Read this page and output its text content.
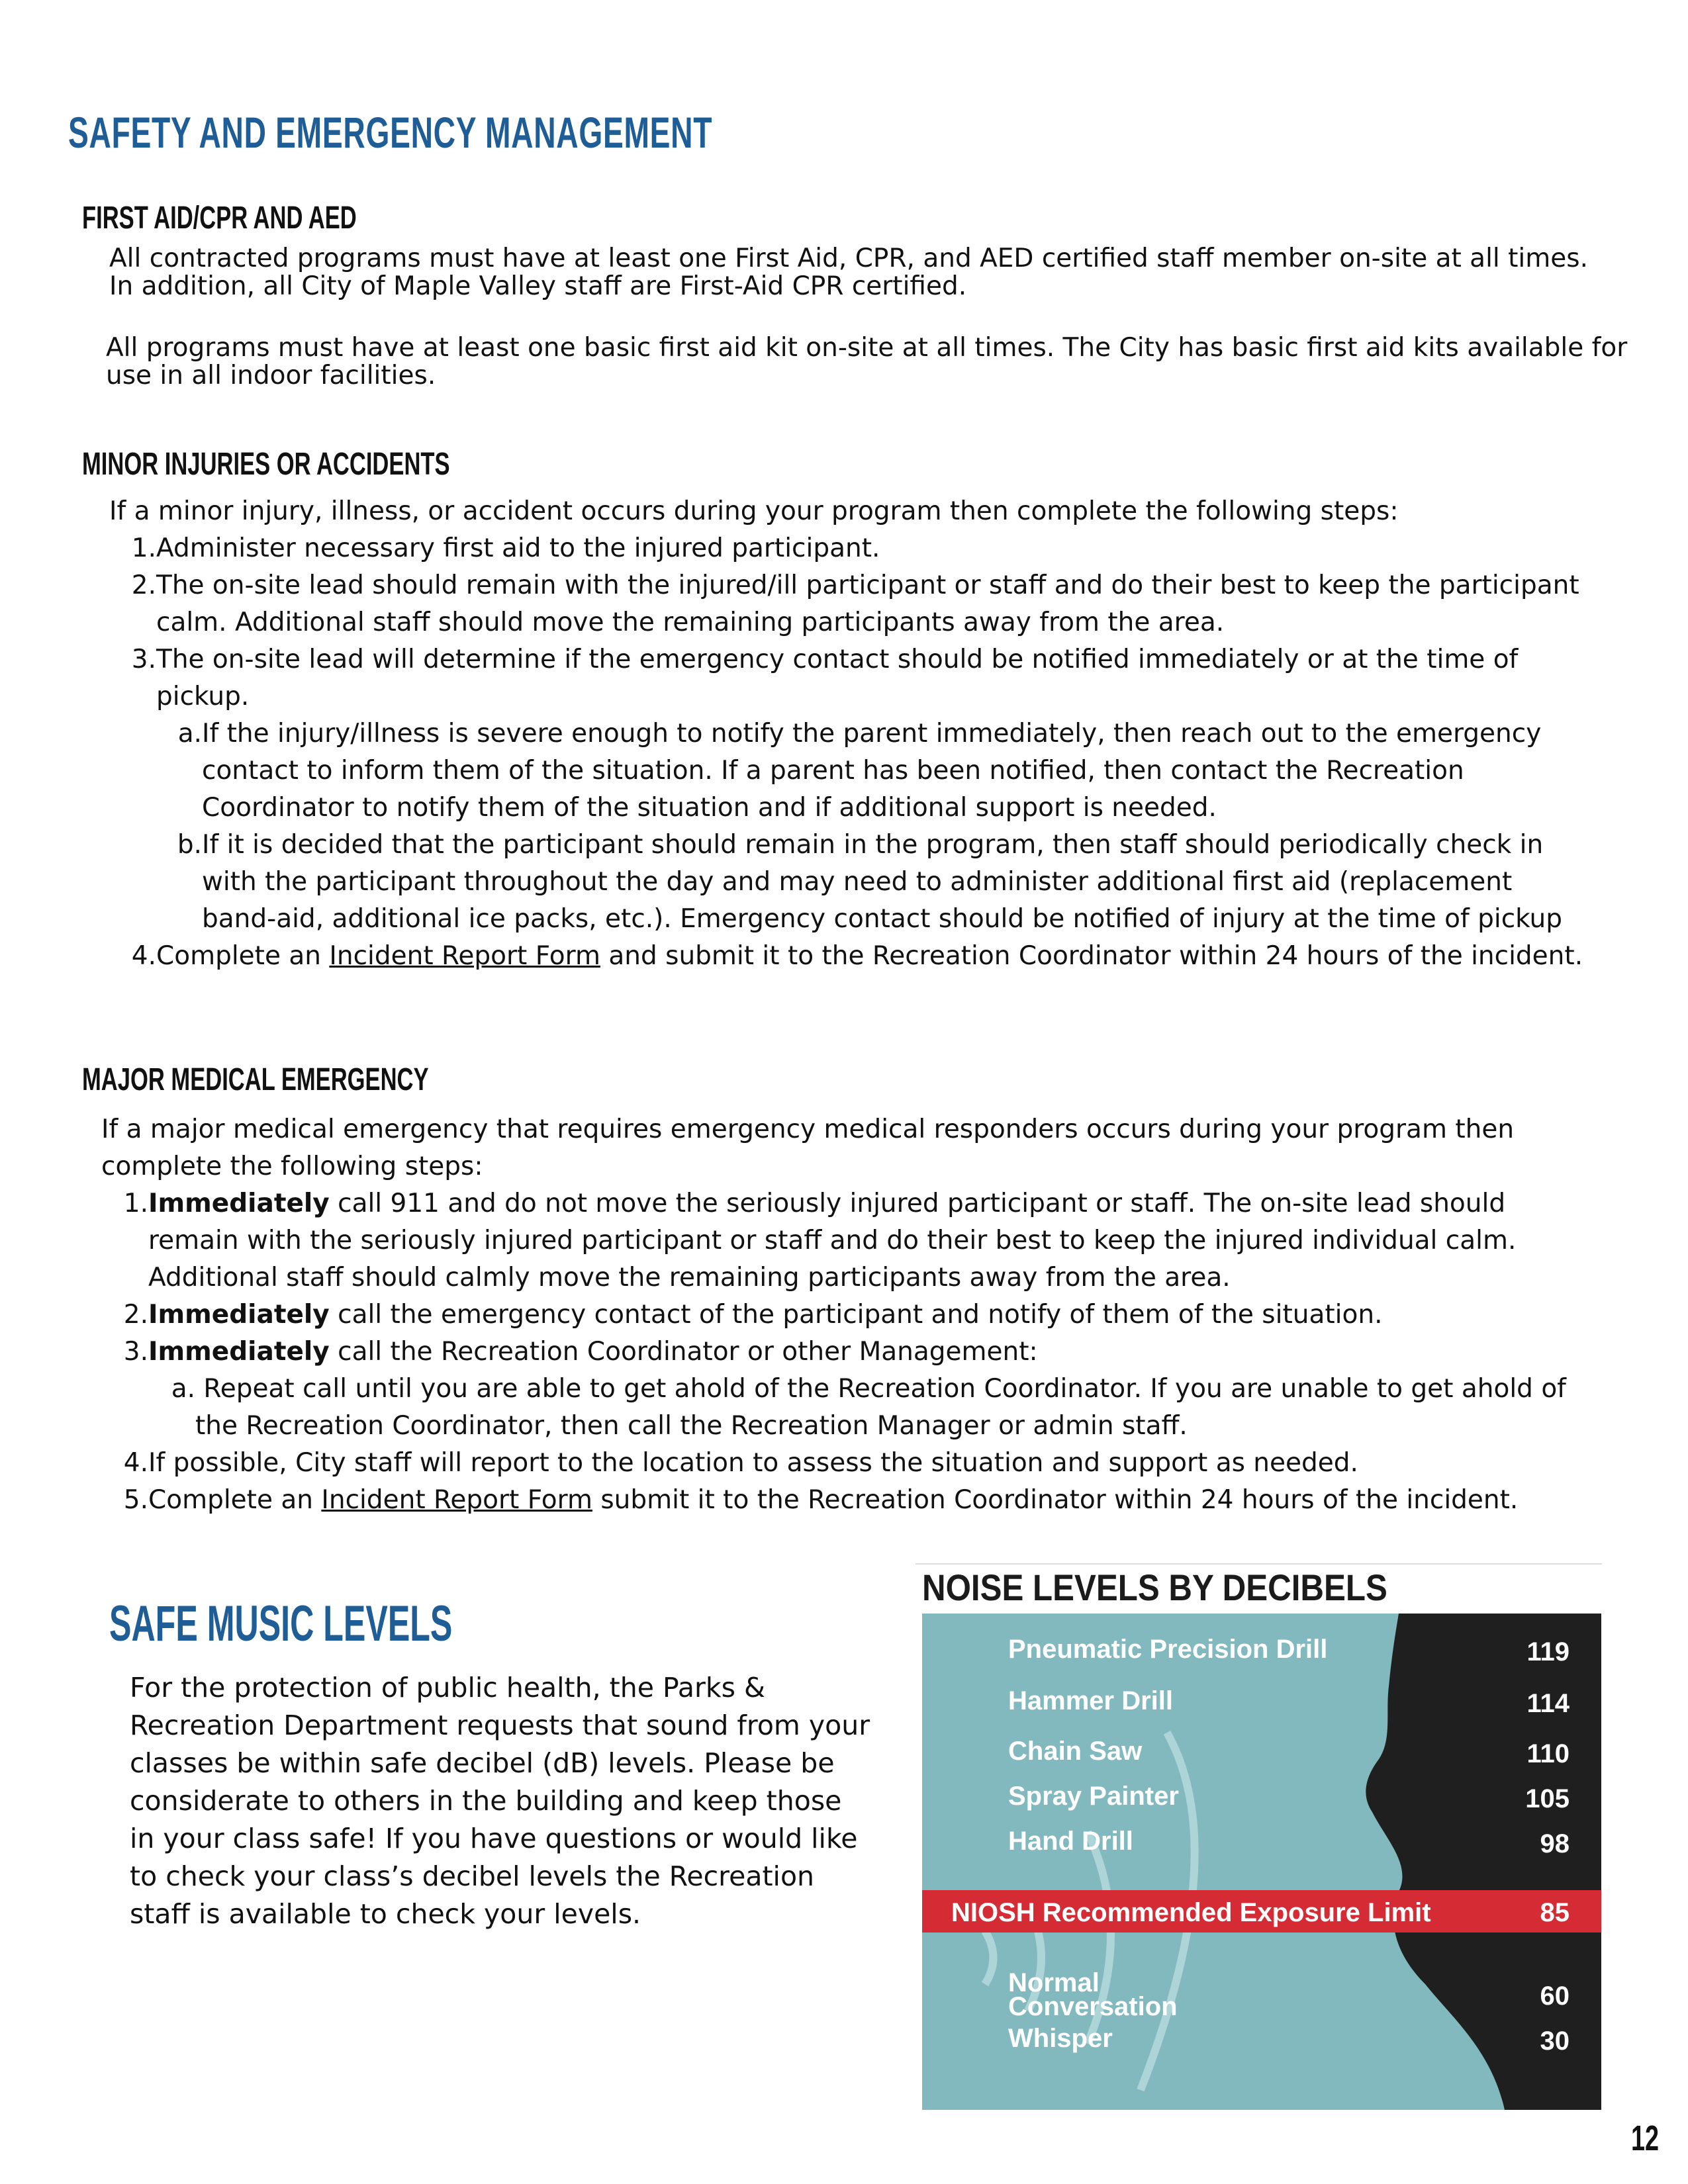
SAFETY AND EMERGENCY MANAGEMENT
FIRST AID/CPR AND AED

All contracted programs must have at least one First Aid, CPR, and AED certified staff member on-site at all times. In addition, all City of Maple Valley staff are First-Aid CPR certified.

All programs must have at least one basic first aid kit on-site at all times. The City has basic first aid kits available for use in all indoor facilities.

MINOR INJURIES OR ACCIDENTS
If a minor injury, illness, or accident occurs during your program then complete the following steps:
1.Administer necessary first aid to the injured participant.
2.The on-site lead should remain with the injured/ill participant or staff and do their best to keep the participant
calm. Additional staff should move the remaining participants away from the area.
3.The on-site lead will determine if the emergency contact should be notified immediately or at the time of
pickup.
a.If the injury/illness is severe enough to notify the parent immediately, then reach out to the emergency
contact to inform them of the situation. If a parent has been notified, then contact the Recreation
Coordinator to notify them of the situation and if additional support is needed.
b.If it is decided that the participant should remain in the program, then staff should periodically check in
with the participant throughout the day and may need to administer additional first aid (replacement
band-aid, additional ice packs, etc.). Emergency contact should be notified of injury at the time of pickup
4.Complete an Incident Report Form and submit it to the Recreation Coordinator within 24 hours of the incident.
MAJOR MEDICAL EMERGENCY
If a major medical emergency that requires emergency medical responders occurs during your program then
complete the following steps:
1.Immediately call 911 and do not move the seriously injured participant or staff. The on-site lead should
remain with the seriously injured participant or staff and do their best to keep the injured individual calm.
Additional staff should calmly move the remaining participants away from the area.
2.Immediately call the emergency contact of the participant and notify of them of the situation.
3.Immediately call the Recreation Coordinator or other Management:
a. Repeat call until you are able to get ahold of the Recreation Coordinator. If you are unable to get ahold of
the Recreation Coordinator, then call the Recreation Manager or admin staff.
4.If possible, City staff will report to the location to assess the situation and support as needed.
5.Complete an Incident Report Form submit it to the Recreation Coordinator within 24 hours of the incident.
SAFE MUSIC LEVELS
For the protection of public health, the Parks & Recreation Department requests that sound from your classes be within safe decibel (dB) levels. Please be considerate to others in the building and keep those in your class safe! If you have questions or would like to check your class’s decibel levels the Recreation staff is available to check your levels.
NOISE LEVELS BY DECIBELS
NIOSH Recommended Exposure Limit	85
Pneumatic Precision Drill	119
Hammer Drill	114
Chain Saw	110
Spray Painter	105
Hand Drill	98
Normal Conversation	60
Whisper	30
12
